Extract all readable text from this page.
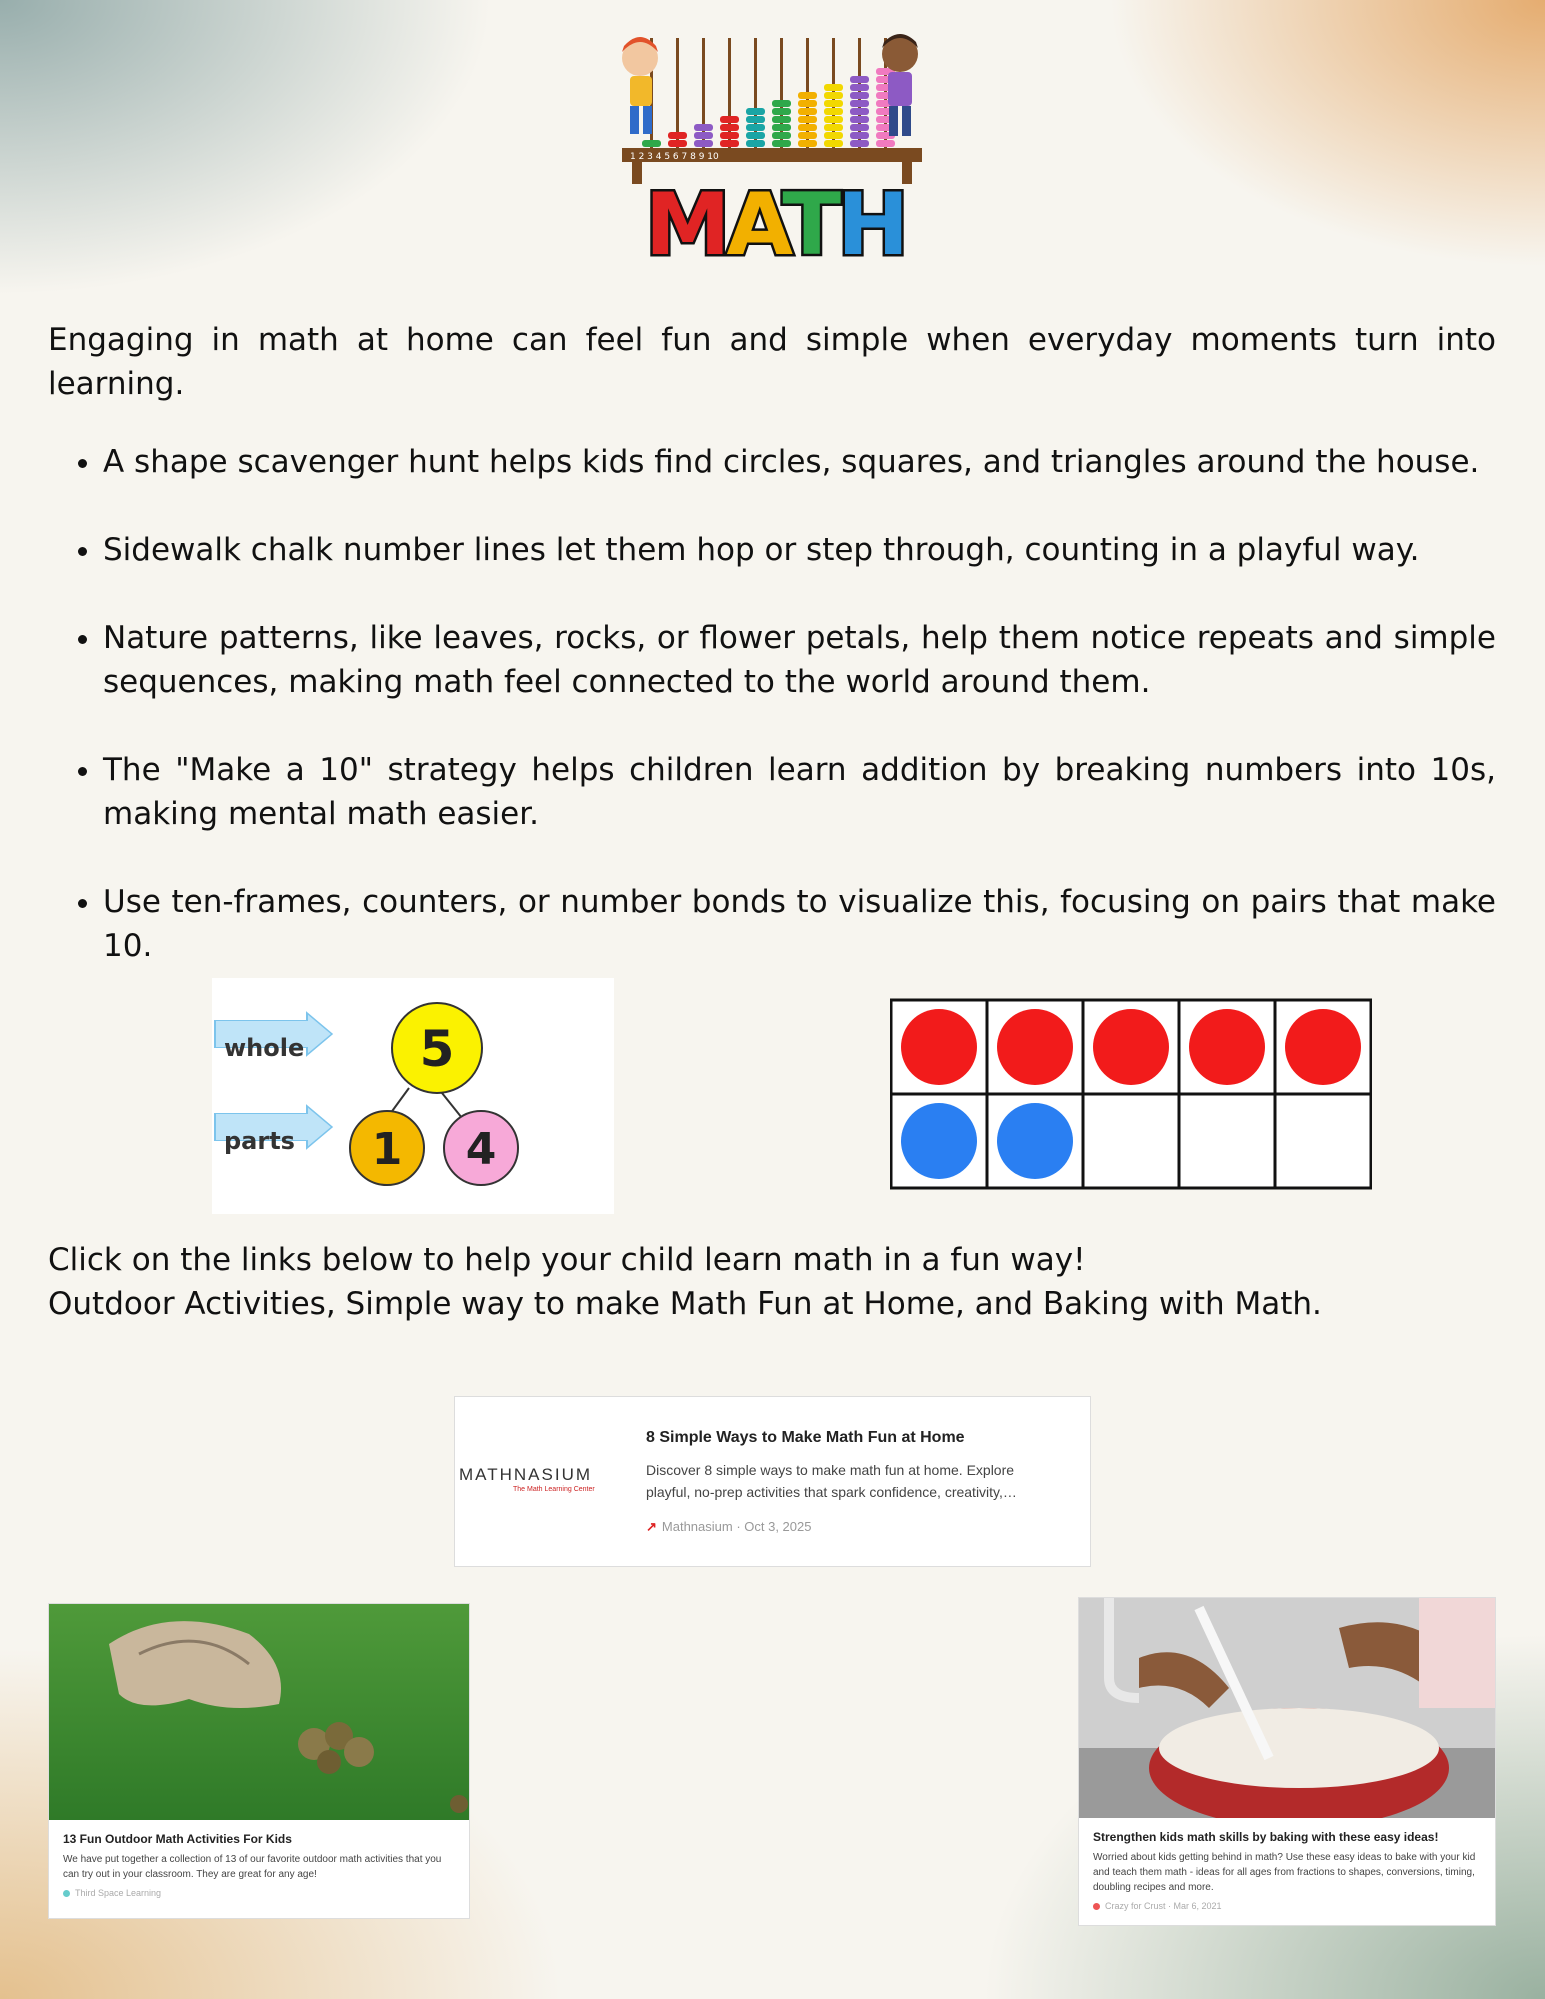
1 2 3 4 5 6 7 8 9 10
MATH

Engaging in math at home can feel fun and simple when everyday moments turn into learning.

• A shape scavenger hunt helps kids find circles, squares, and triangles around the house.
• Sidewalk chalk number lines let them hop or step through, counting in a playful way.
• Nature patterns, like leaves, rocks, or flower petals, help them notice repeats and simple sequences, making math feel connected to the world around them.
• The "Make a 10" strategy helps children learn addition by breaking numbers into 10s, making mental math easier.
• Use ten-frames, counters, or number bonds to visualize this, focusing on pairs that make 10.
whole
parts
5
1 4
Click on the links below to help your child learn math in a fun way!
Outdoor Activities, Simple way to make Math Fun at Home, and Baking with Math.
MATHNASIUM
The Math Learning Center
8 Simple Ways to Make Math Fun at Home
Discover 8 simple ways to make math fun at home. Explore
playful, no-prep activities that spark confidence, creativity,…
↗ Mathnasium · Oct 3, 2025

13 Fun Outdoor Math Activities For Kids

We have put together a collection of 13 of our favorite outdoor math activities that you can try out in your classroom. They are great for any age!

Third Space Learning

Strengthen kids math skills by baking with these easy ideas!

Worried about kids getting behind in math? Use these easy ideas to bake with your kid and teach them math - ideas for all ages from fractions to shapes, conversions, timing, doubling recipes and more.

Crazy for Crust · Mar 6, 2021
